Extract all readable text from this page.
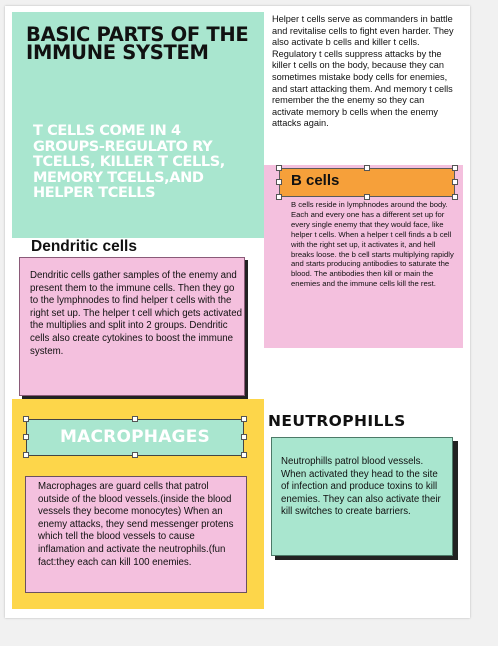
BASIC PARTS OF THE IMMUNE SYSTEM
T CELLS COME IN 4 GROUPS-REGULATO RY TCELLS, KILLER T CELLS, MEMORY TCELLS,AND HELPER TCELLS
Helper t cells serve as commanders in battle and revitalise cells to fight even harder. They also activate b cells and killer t cells. Regulatory t cells suppress attacks by the killer t cells on the body, because they can sometimes mistake body cells for enemies, and start attacking them. And memory t cells remember the the enemy so they can activate memory b cells when the enemy attacks again.
B cells
B cells reside in lymphnodes around the body. Each and every one has a different set up for every single enemy that they would face, like helper t cells. When a helper t cell finds a b cell with the right set up, it activates it, and hell breaks loose. the b cell starts multiplying rapidly and starts producing antibodies to saturate the blood. The antibodies then kill or main the enemies and the immune cells kill the rest.
Dendritic cells
Dendritic cells gather samples of the enemy and present them to the immune cells. Then they go to the lymphnodes to find helper t cells with the right set up. The helper t cell which gets activated the multiplies and split into 2 groups. Dendritic cells also create cytokines to boost the immune system.
MACROPHAGES
Macrophages are guard cells that patrol outside of the blood vessels.(inside the blood vessels they become monocytes) When an enemy attacks, they send messenger protens which tell the blood vessels to cause inflamation and activate the neutrophils.(fun fact:they each can kill 100 enemies.
NEUTROPHILLS
Neutrophills patrol blood vessels. When activated they head to the site of infection and produce toxins to kill enemies. They can also activate their kill switches to create barriers.
